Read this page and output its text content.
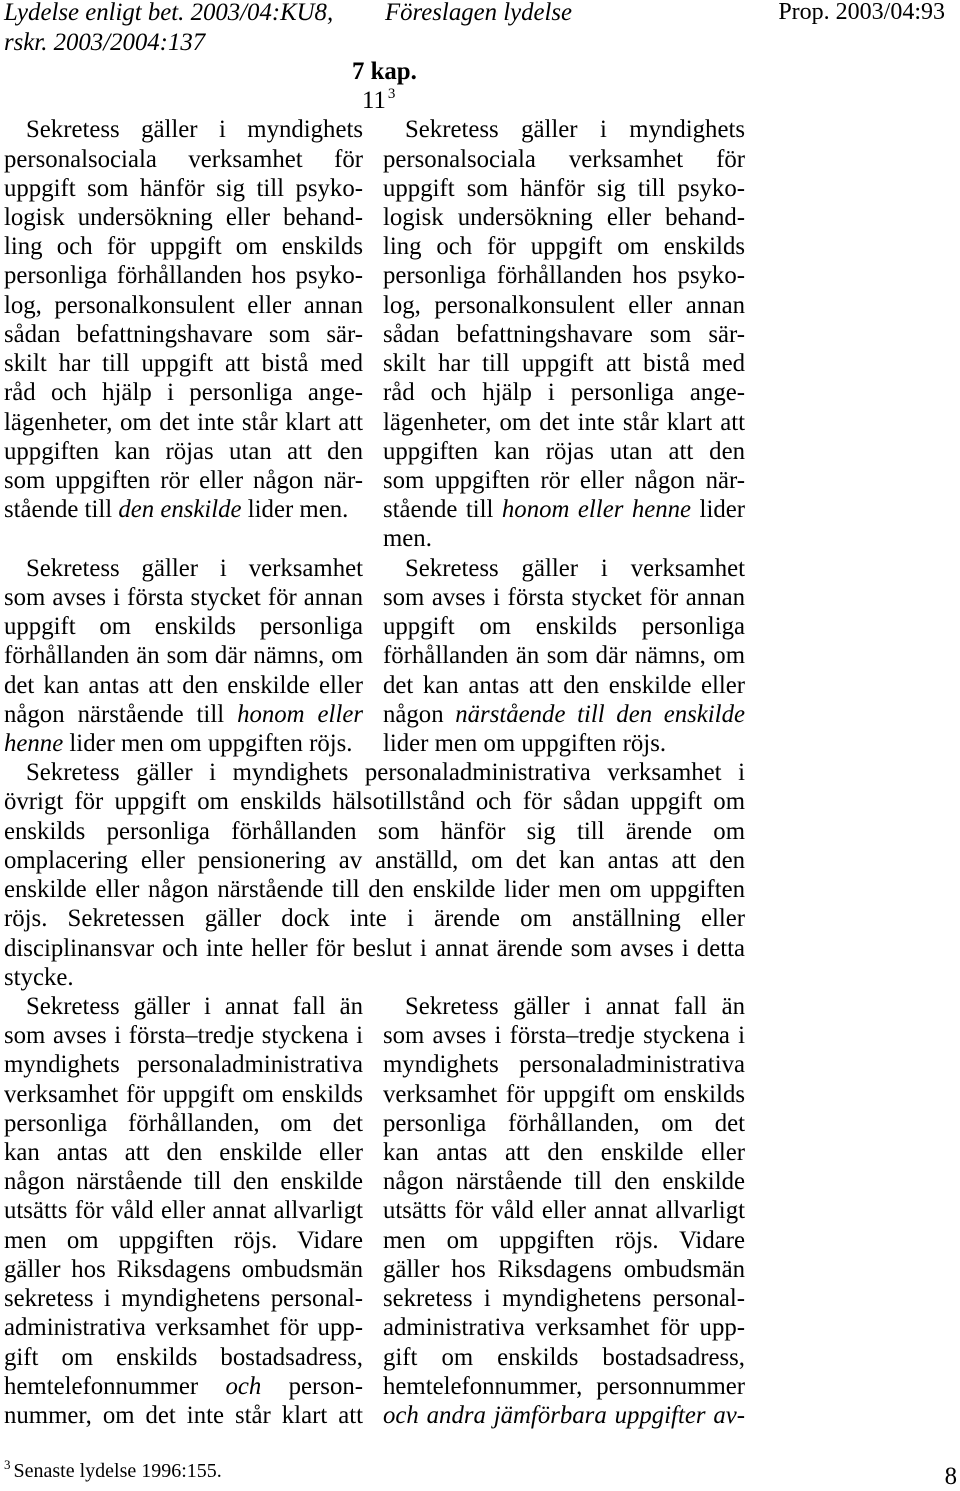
Lydelse enligt bet. 2003/04:KU8,
rskr. 2003/2004:137
Föreslagen lydelse	Prop. 2003/04:93
7 kap.
11 $^3$
Sekretess gäller i myndighets
personalsociala verksamhet för
uppgift som hänför sig till psyko-
logisk undersökning eller behand-
ling och för uppgift om enskilds
personliga förhållanden hos psyko-
log, personalkonsulent eller annan
sådan befattningshavare som sär-
skilt har till uppgift att bistå med
råd och hjälp i personliga ange-
lägenheter, om det inte står klart att
uppgiften kan röjas utan att den
som uppgiften rör eller någon när-
stående till den enskilde lider men.
Sekretess gäller i myndighets
personalsociala verksamhet för
uppgift som hänför sig till psyko-
logisk undersökning eller behand-
ling och för uppgift om enskilds
personliga förhållanden hos psyko-
log, personalkonsulent eller annan
sådan befattningshavare som sär-
skilt har till uppgift att bistå med
råd och hjälp i personliga ange-
lägenheter, om det inte står klart att
uppgiften kan röjas utan att den
som uppgiften rör eller någon när-
stående till honom eller henne lider
men.
Sekretess gäller i verksamhet
som avses i första stycket för annan
uppgift om enskilds personliga
förhållanden än som där nämns, om
det kan antas att den enskilde eller
någon närstående till honom eller
henne lider men om uppgiften röjs.
Sekretess gäller i verksamhet
som avses i första stycket för annan
uppgift om enskilds personliga
förhållanden än som där nämns, om
det kan antas att den enskilde eller
någon närstående till den enskilde
lider men om uppgiften röjs.
Sekretess gäller i myndighets personaladministrativa verksamhet i
övrigt för uppgift om enskilds hälsotillstånd och för sådan uppgift om
enskilds personliga förhållanden som hänför sig till ärende om
omplacering eller pensionering av anställd, om det kan antas att den
enskilde eller någon närstående till den enskilde lider men om uppgiften
röjs. Sekretessen gäller dock inte i ärende om anställning eller
disciplinansvar och inte heller för beslut i annat ärende som avses i detta
stycke.
Sekretess gäller i annat fall än
som avses i första–tredje styckena i
myndighets personaladministrativa
verksamhet för uppgift om enskilds
personliga förhållanden, om det
kan antas att den enskilde eller
någon närstående till den enskilde
utsätts för våld eller annat allvarligt
men om uppgiften röjs. Vidare
gäller hos Riksdagens ombudsmän
sekretess i myndighetens personal-
administrativa verksamhet för upp-
gift om enskilds bostadsadress,
hemtelefonnummer och person-
nummer, om det inte står klart att
Sekretess gäller i annat fall än
som avses i första–tredje styckena i
myndighets personaladministrativa
verksamhet för uppgift om enskilds
personliga förhållanden, om det
kan antas att den enskilde eller
någon närstående till den enskilde
utsätts för våld eller annat allvarligt
men om uppgiften röjs. Vidare
gäller hos Riksdagens ombudsmän
sekretess i myndighetens personal-
administrativa verksamhet för upp-
gift om enskilds bostadsadress,
hemtelefonnummer, personnummer
och andra jämförbara uppgifter av-
$^3$ Senaste lydelse 1996:155.	8
